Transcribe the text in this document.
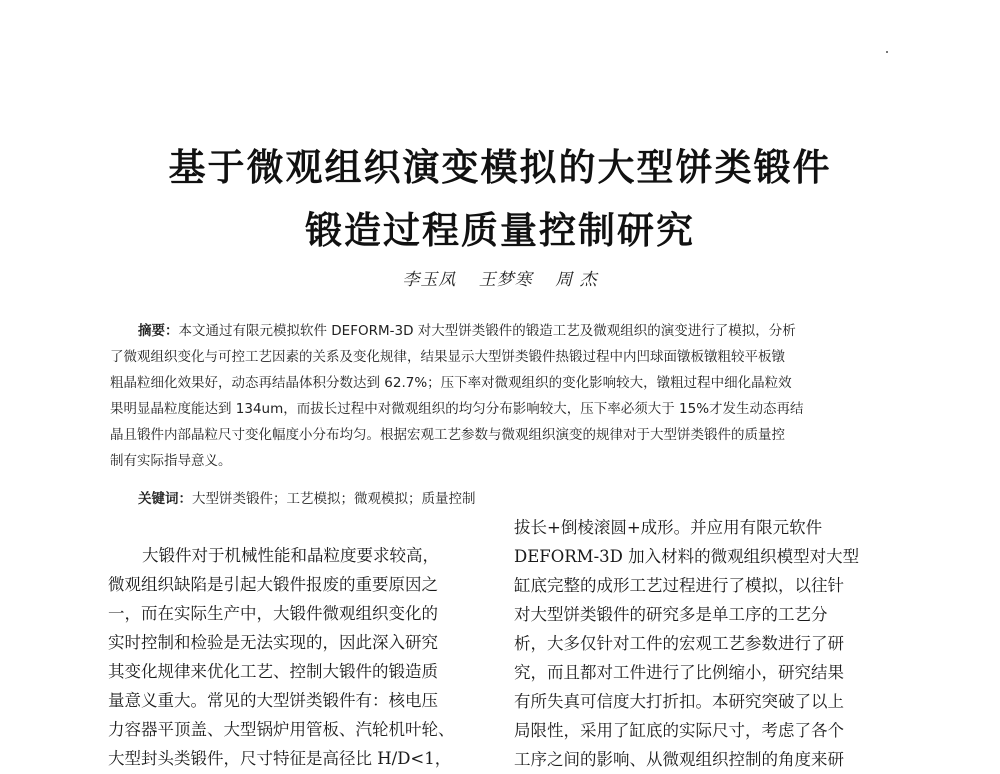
基于微观组织演变模拟的大型饼类锻件
锻造过程质量控制研究
李玉凤 王梦寒 周 杰
摘要：本文通过有限元模拟软件 DEFORM-3D 对大型饼类锻件的锻造工艺及微观组织的演变进行了模拟，分析
了微观组织变化与可控工艺因素的关系及变化规律，结果显示大型饼类锻件热锻过程中内凹球面镦板镦粗较平板镦
粗晶粒细化效果好，动态再结晶体积分数达到 62.7%；压下率对微观组织的变化影响较大，镦粗过程中细化晶粒效
果明显晶粒度能达到 134um，而拔长过程中对微观组织的均匀分布影响较大，压下率必须大于 15%才发生动态再结
晶且锻件内部晶粒尺寸变化幅度小分布均匀。根据宏观工艺参数与微观组织演变的规律对于大型饼类锻件的质量控
制有实际指导意义。
关键词：大型饼类锻件；工艺模拟；微观模拟；质量控制
大锻件对于机械性能和晶粒度要求较高，
微观组织缺陷是引起大锻件报废的重要原因之
一，而在实际生产中，大锻件微观组织变化的
实时控制和检验是无法实现的，因此深入研究
其变化规律来优化工艺、控制大锻件的锻造质
量意义重大。常见的大型饼类锻件有：核电压
力容器平顶盖、大型锅炉用管板、汽轮机叶轮、
大型封头类锻件，尺寸特征是高径比 H/D<1，
拔长+倒棱滚圆+成形。并应用有限元软件
DEFORM-3D 加入材料的微观组织模型对大型
缸底完整的成形工艺过程进行了模拟，以往针
对大型饼类锻件的研究多是单工序的工艺分
析，大多仅针对工件的宏观工艺参数进行了研
究，而且都对工件进行了比例缩小，研究结果
有所失真可信度大打折扣。本研究突破了以上
局限性，采用了缸底的实际尺寸，考虑了各个
工序之间的影响、从微观组织控制的角度来研
